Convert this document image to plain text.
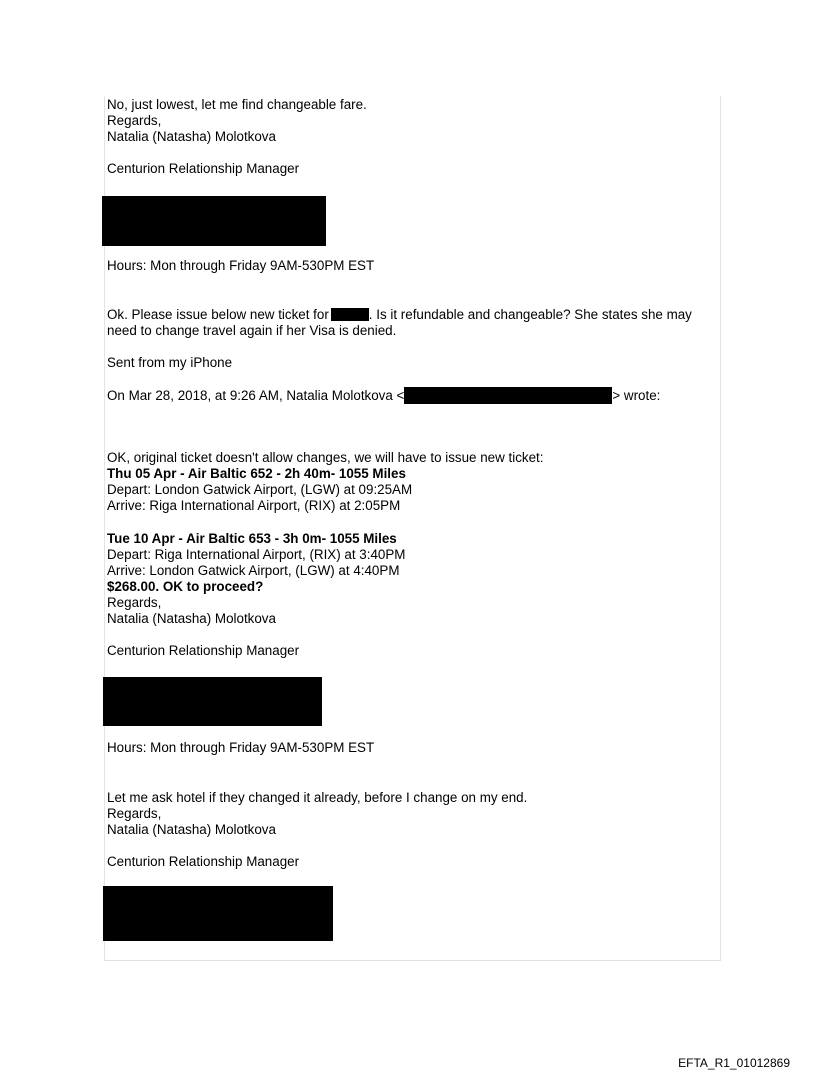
No, just lowest, let me find changeable fare.
Regards,
Natalia (Natasha) Molotkova
Centurion Relationship Manager
Hours: Mon through Friday 9AM-530PM EST
Ok. Please issue below new ticket for	. Is it refundable and changeable? She states she may
need to change travel again if her Visa is denied.
Sent from my iPhone
On Mar 28, 2018, at 9:26 AM, Natalia Molotkova <	> wrote:
OK, original ticket doesn't allow changes, we will have to issue new ticket:
Thu 05 Apr - Air Baltic 652 - 2h 40m- 1055 Miles
Depart: London Gatwick Airport, (LGW) at 09:25AM
Arrive: Riga International Airport, (RIX) at 2:05PM
Tue 10 Apr - Air Baltic 653 - 3h 0m- 1055 Miles
Depart: Riga International Airport, (RIX) at 3:40PM
Arrive: London Gatwick Airport, (LGW) at 4:40PM
$268.00. OK to proceed?
Regards,
Natalia (Natasha) Molotkova
Centurion Relationship Manager
Hours: Mon through Friday 9AM-530PM EST
Let me ask hotel if they changed it already, before I change on my end.
Regards,
Natalia (Natasha) Molotkova
Centurion Relationship Manager
EFTA_R1_01012869
